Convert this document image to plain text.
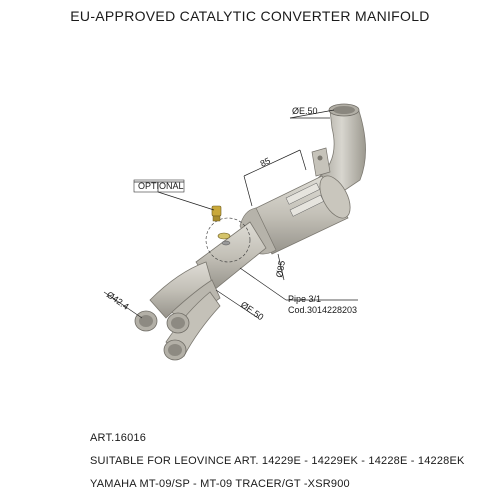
EU-APPROVED CATALYTIC CONVERTER MANIFOLD
ØE.50
85
Ø85
ØE.50
Ø42.4
OPTIONAL
Pipe 3/1
Cod.3014228203
ART.16016
SUITABLE FOR LEOVINCE ART. 14229E - 14229EK - 14228E - 14228EK
YAMAHA MT-09/SP - MT-09 TRACER/GT -XSR900
